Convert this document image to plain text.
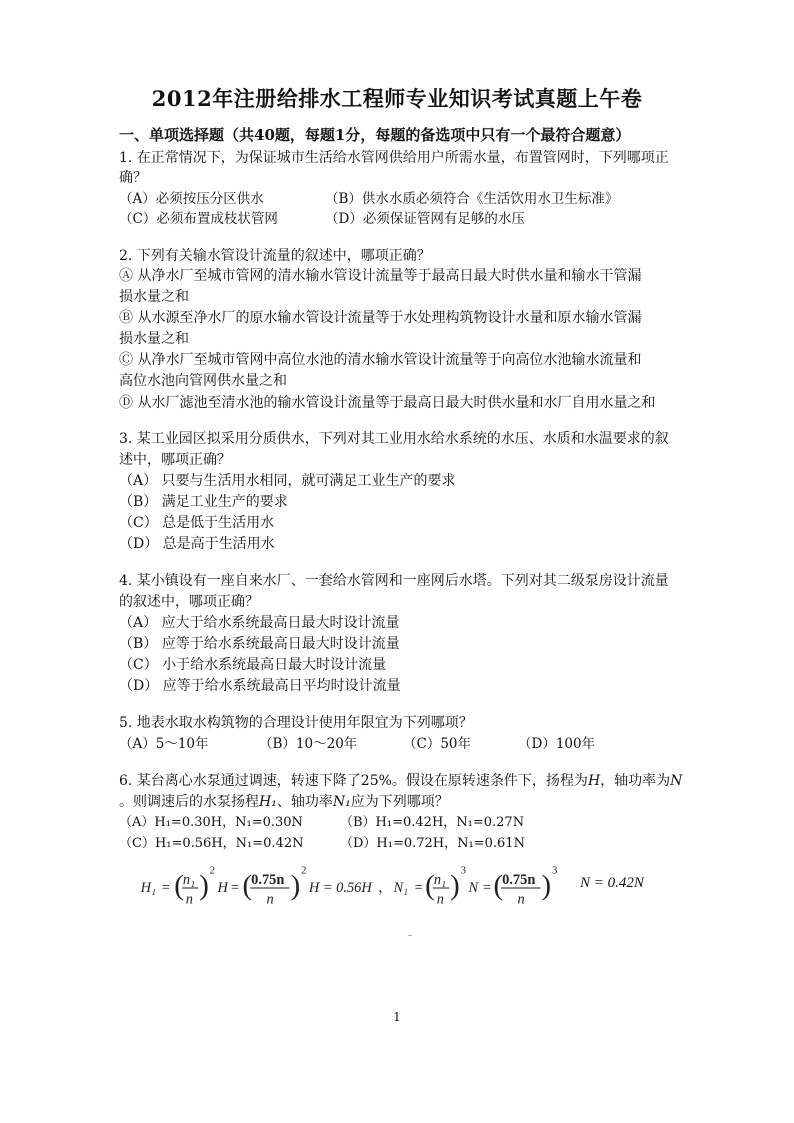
2012年注册给排水工程师专业知识考试真题上午卷
一、单项选择题（共40题，每题1分，每题的备选项中只有一个最符合题意）
1. 在正常情况下，为保证城市生活给水管网供给用户所需水量，布置管网时，下列哪项正
确？
（A）必须按压分区供水	（B）供水水质必须符合《生活饮用水卫生标准》
（C）必须布置成枝状管网	（D）必须保证管网有足够的水压
2. 下列有关输水管设计流量的叙述中，哪项正确？
Ⓐ 从净水厂至城市管网的清水输水管设计流量等于最高日最大时供水量和输水干管漏
损水量之和
Ⓑ 从水源至净水厂的原水输水管设计流量等于水处理构筑物设计水量和原水输水管漏
损水量之和
Ⓒ 从净水厂至城市管网中高位水池的清水输水管设计流量等于向高位水池输水流量和
高位水池向管网供水量之和
Ⓓ 从水厂滤池至清水池的输水管设计流量等于最高日最大时供水量和水厂自用水量之和
3. 某工业园区拟采用分质供水，下列对其工业用水给水系统的水压、水质和水温要求的叙
述中，哪项正确？
（A） 只要与生活用水相同，就可满足工业生产的要求
（B） 满足工业生产的要求
（C） 总是低于生活用水
（D） 总是高于生活用水
4. 某小镇设有一座自来水厂、一套给水管网和一座网后水塔。下列对其二级泵房设计流量
的叙述中，哪项正确？
（A） 应大于给水系统最高日最大时设计流量
（B） 应等于给水系统最高日最大时设计流量
（C） 小于给水系统最高日最大时设计流量
（D） 应等于给水系统最高日平均时设计流量
5. 地表水取水构筑物的合理设计使用年限宜为下列哪项？
（A）5～10年	（B）10～20年	（C）50年	（D）100年
6. 某台离心水泵通过调速，转速下降了25%。假设在原转速条件下，扬程为H，轴功率为N
。则调速后的水泵扬程H₁、轴功率N₁应为下列哪项？
（A）H₁=0.30H，N₁=0.30N	（B）H₁=0.42H，N₁=0.27N
（C）H₁=0.56H，N₁=0.42N	（D）H₁=0.72H，N₁=0.61N
H₁ = ( n₁
n ) 2
H = ( 0.75n
n ) 2
H = 0.56H ， N₁ = ( n₁
n ) 3
N = ( 0.75n
n ) 3
N = 0.42N
-
1
